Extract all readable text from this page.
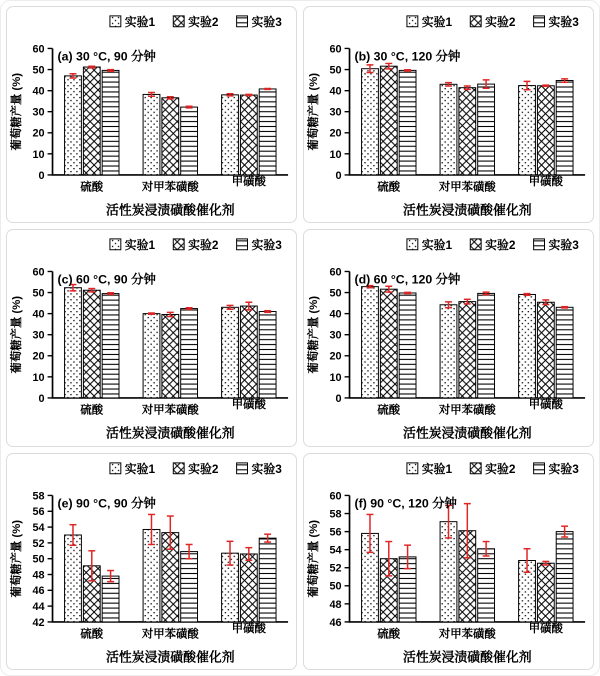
实验1	实验2	实验3
0
10
20
30
40
50
60
硫酸	对甲苯磺酸	甲磺酸
(a) 30 °C, 90 分钟
活性炭浸渍磺酸催化剂
葡萄糖产量 (%)
实验1	实验2	实验3
0
10
20
30
40
50
60
硫酸	对甲苯磺酸	甲磺酸
(b) 30 °C, 120 分钟
活性炭浸渍磺酸催化剂
葡萄糖产量 (%)
实验1	实验2	实验3
0
10
20
30
40
50
60
硫酸	对甲苯磺酸	甲磺酸
(c) 60 °C, 90 分钟
活性炭浸渍磺酸催化剂
葡萄糖产量 (%)
实验1	实验2	实验3
0
10
20
30
40
50
60
硫酸	对甲苯磺酸	甲磺酸
(d) 60 °C, 120 分钟
活性炭浸渍磺酸催化剂
葡萄糖产量 (%)
实验1	实验2	实验3
42
44
46
48
50
52
54
56
58
硫酸	对甲苯磺酸	甲磺酸
(e) 90 °C, 90 分钟
活性炭浸渍磺酸催化剂
葡萄糖产量 (%)
实验1	实验2	实验3
46
48
50
52
54
56
58
60
硫酸	对甲苯磺酸	甲磺酸
(f) 90 °C, 120 分钟
活性炭浸渍磺酸催化剂
葡萄糖产量 (%)
